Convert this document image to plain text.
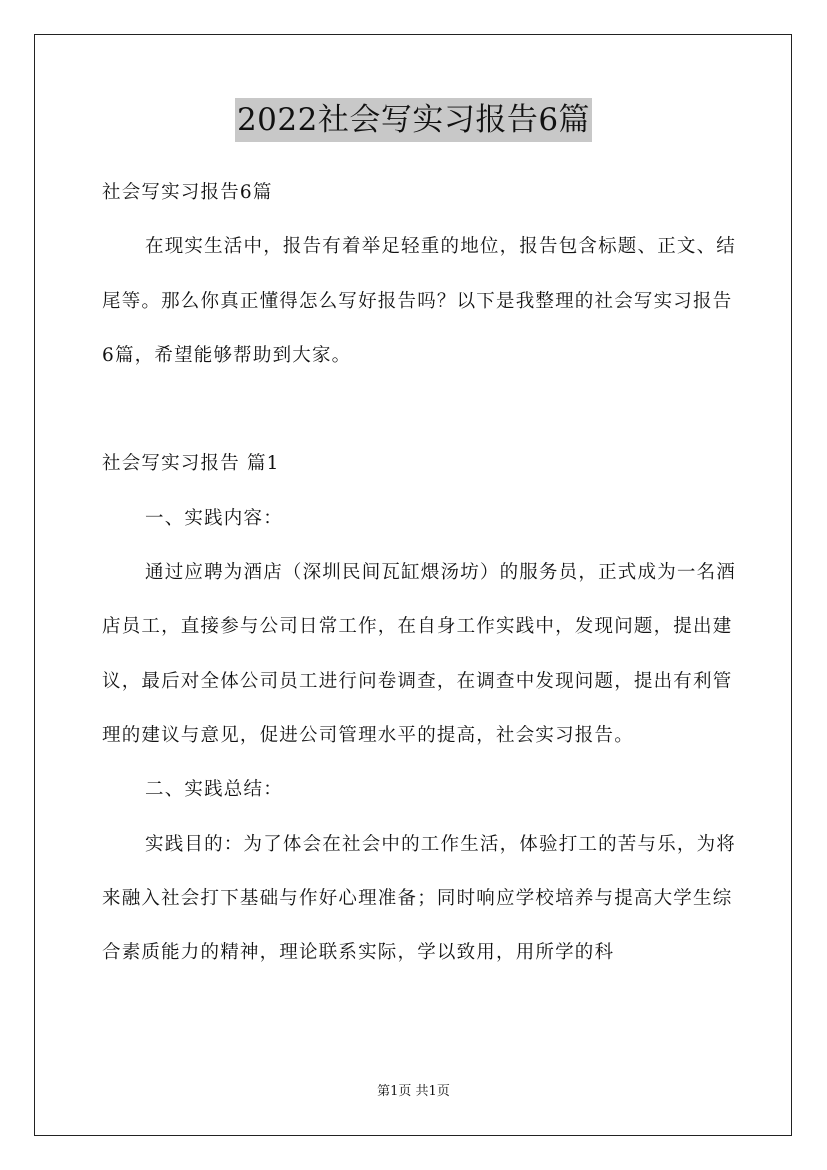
2022社会写实习报告6篇

社会写实习报告6篇

在现实生活中，报告有着举足轻重的地位，报告包含标题、正文、结尾等。那么你真正懂得怎么写好报告吗？以下是我整理的社会写实习报告6篇，希望能够帮助到大家。

社会写实习报告 篇1

一、实践内容：

通过应聘为酒店（深圳民间瓦缸煨汤坊）的服务员，正式成为一名酒店员工，直接参与公司日常工作，在自身工作实践中，发现问题，提出建议，最后对全体公司员工进行问卷调查，在调查中发现问题，提出有利管理的建议与意见，促进公司管理水平的提高，社会实习报告。

二、实践总结：

实践目的：为了体会在社会中的工作生活，体验打工的苦与乐，为将来融入社会打下基础与作好心理准备；同时响应学校培养与提高大学生综合素质能力的精神，理论联系实际，学以致用，用所学的科

第1页 共1页
